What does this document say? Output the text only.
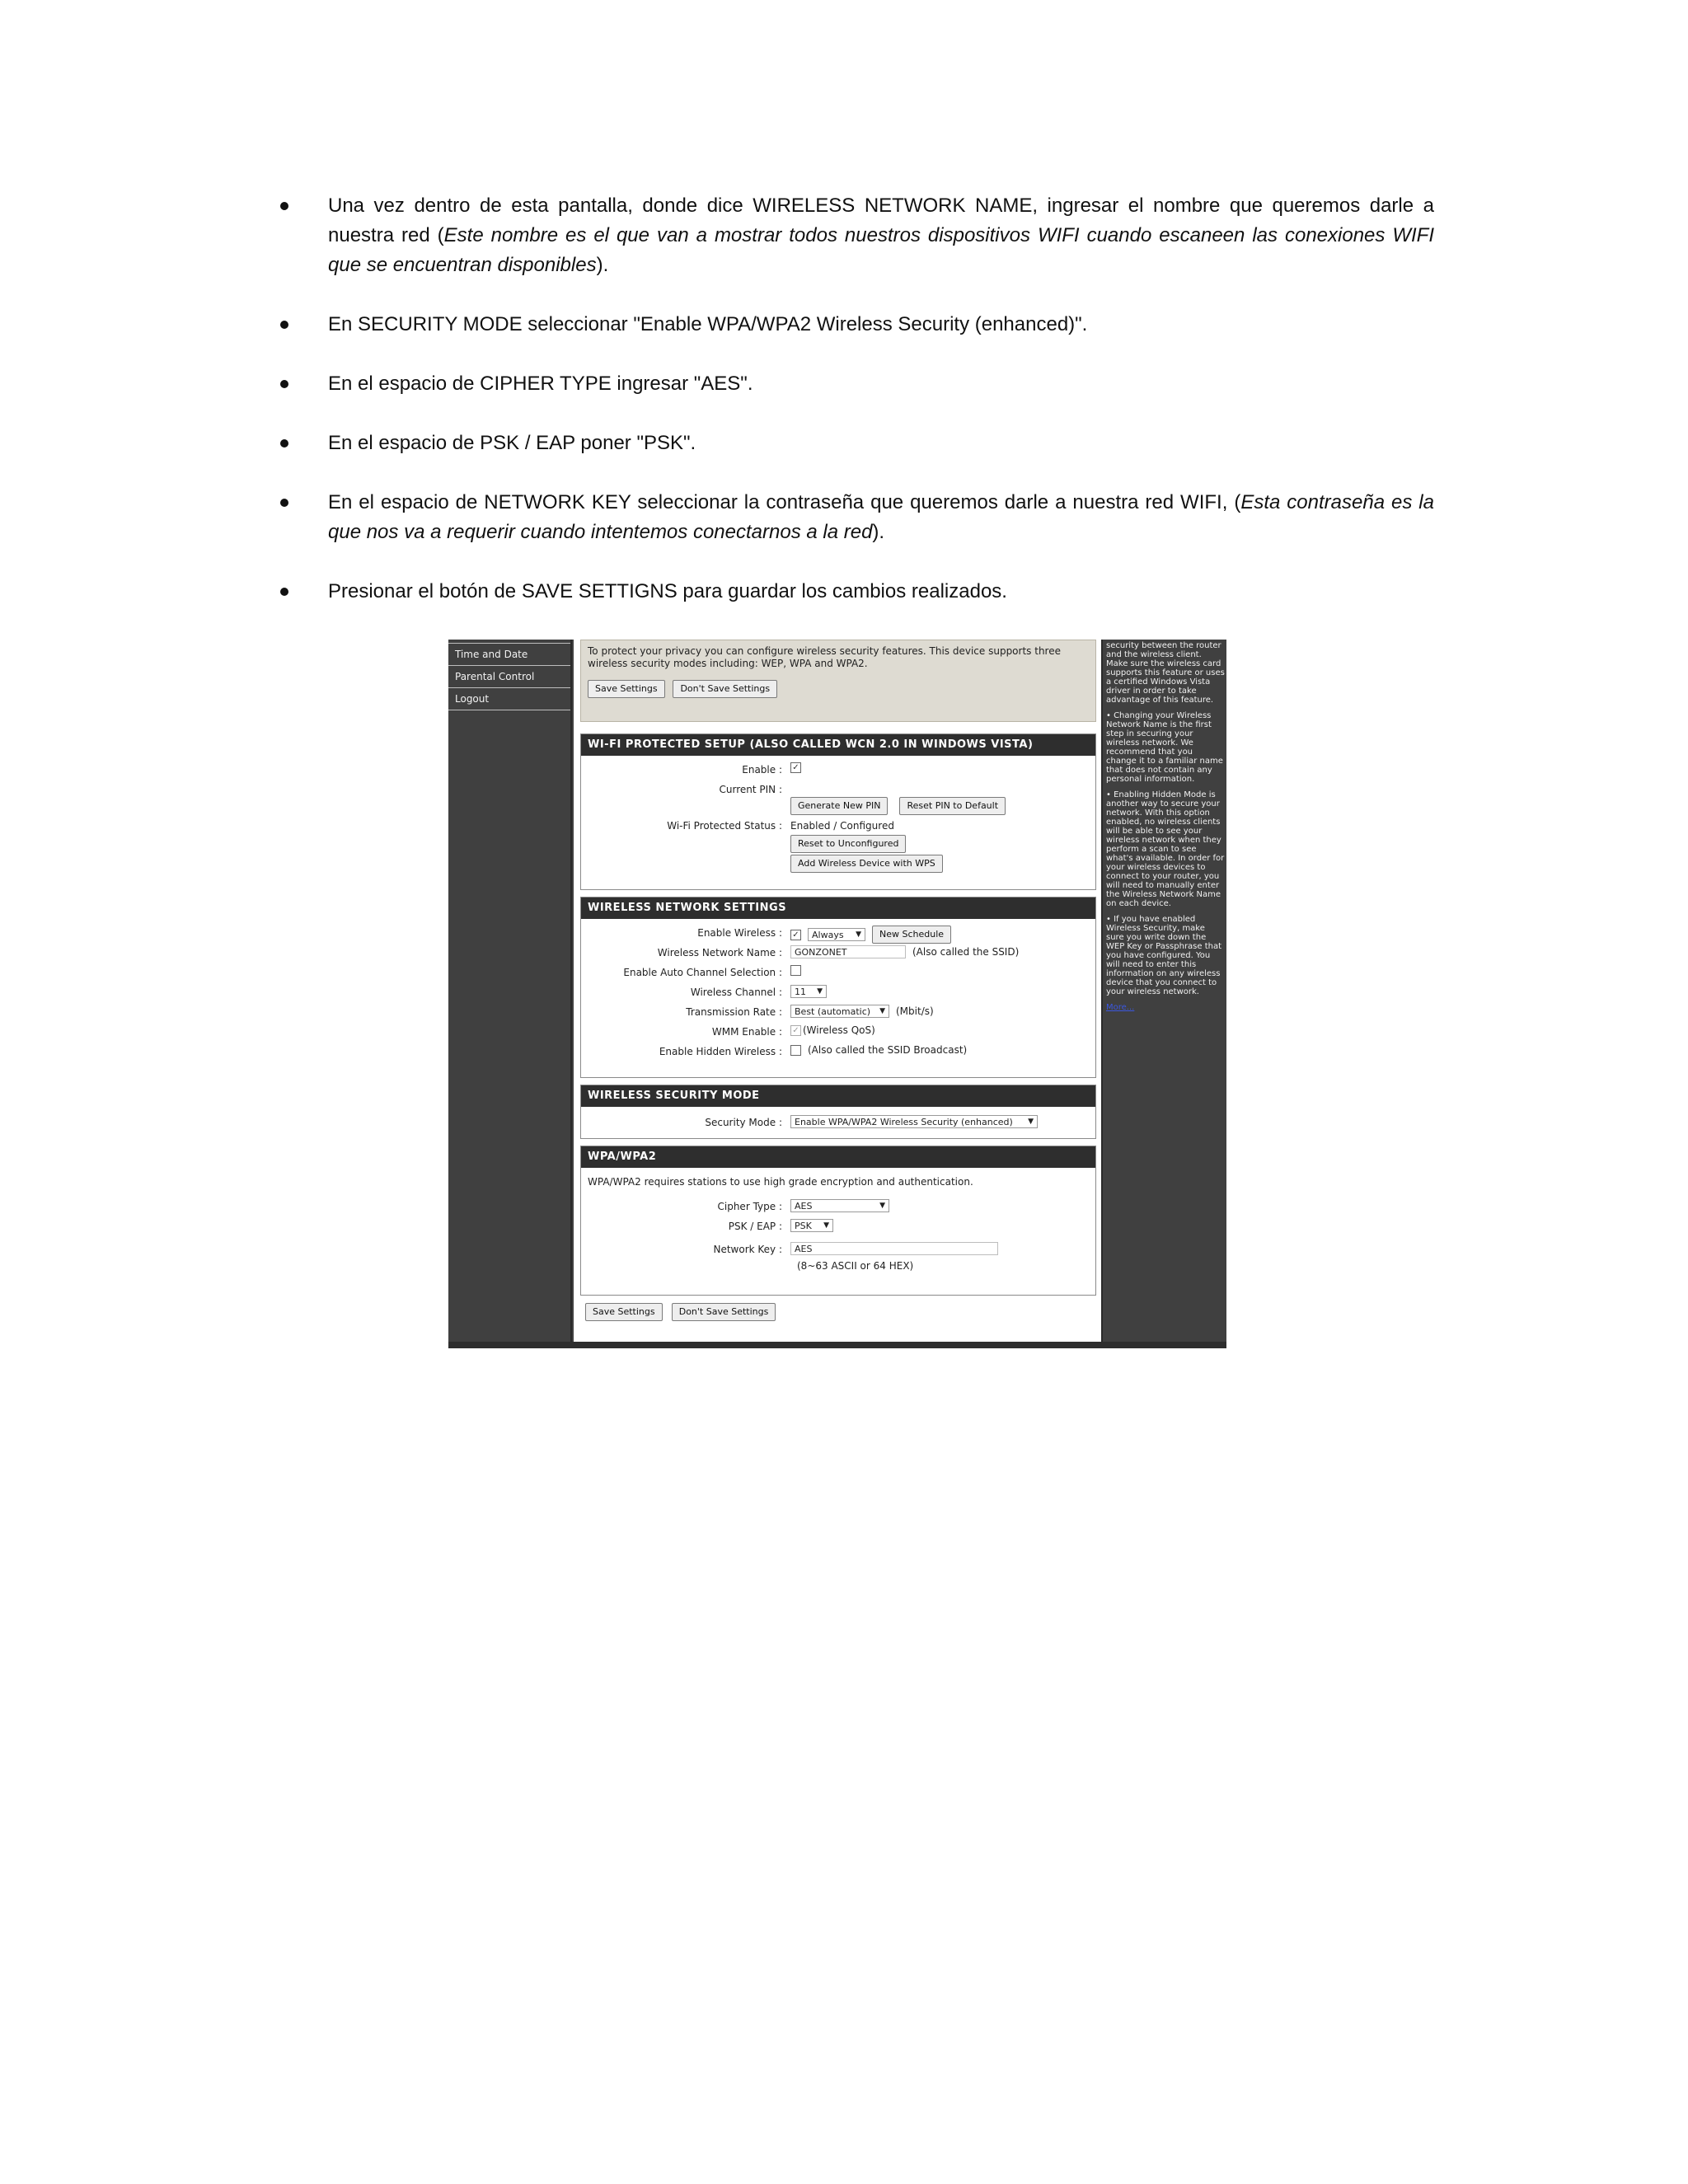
Una vez dentro de esta pantalla, donde dice WIRELESS NETWORK NAME, ingresar el nombre que queremos darle a nuestra red (Este nombre es el que van a mostrar todos nuestros dispositivos WIFI cuando escaneen las conexiones WIFI que se encuentran disponibles).
En SECURITY MODE seleccionar "Enable WPA/WPA2 Wireless Security (enhanced)".
En el espacio de CIPHER TYPE ingresar "AES".
En el espacio de PSK / EAP poner "PSK".
En el espacio de NETWORK KEY seleccionar la contraseña que queremos darle a nuestra red WIFI, (Esta contraseña es la que nos va a requerir cuando intentemos conectarnos a la red).
Presionar el botón de SAVE SETTIGNS para guardar los cambios realizados.
Time and Date
Parental Control
Logout
To protect your privacy you can configure wireless security features. This device supports three wireless security modes including: WEP, WPA and WPA2.
Save Settings	Don't Save Settings
WI-FI PROTECTED SETUP (ALSO CALLED WCN 2.0 IN WINDOWS VISTA)
Enable : ✓
Current PIN :
Generate New PIN	Reset PIN to Default
Wi-Fi Protected Status : Enabled / Configured
Reset to Unconfigured
Add Wireless Device with WPS
WIRELESS NETWORK SETTINGS
Enable Wireless : ✓ Always ▼	New Schedule
Wireless Network Name :	GONZONET	(Also called the SSID)
Enable Auto Channel Selection :
Wireless Channel : 11 ▼
Transmission Rate : Best (automatic) ▼ (Mbit/s)
WMM Enable : ✓ (Wireless QoS)
Enable Hidden Wireless :	(Also called the SSID Broadcast)
WIRELESS SECURITY MODE
Security Mode : Enable WPA/WPA2 Wireless Security (enhanced) ▼
WPA/WPA2
WPA/WPA2 requires stations to use high grade encryption and authentication.
Cipher Type : AES	▼
PSK / EAP : PSK ▼
Network Key :	AES
(8~63 ASCII or 64 HEX)
Save Settings	Don't Save Settings

security between the router and the wireless client. Make sure the wireless card supports this feature or uses a certified Windows Vista driver in order to take advantage of this feature.

• Changing your Wireless Network Name is the first step in securing your wireless network. We recommend that you change it to a familiar name that does not contain any personal information.

• Enabling Hidden Mode is another way to secure your network. With this option enabled, no wireless clients will be able to see your wireless network when they perform a scan to see what's available. In order for your wireless devices to connect to your router, you will need to manually enter the Wireless Network Name on each device.

• If you have enabled Wireless Security, make sure you write down the WEP Key or Passphrase that you have configured. You will need to enter this information on any wireless device that you connect to your wireless network.

More...
